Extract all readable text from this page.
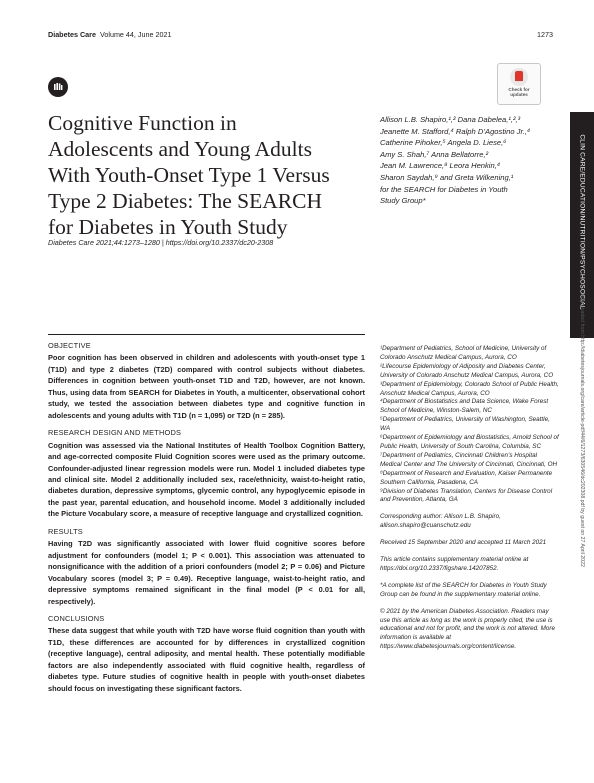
Diabetes Care Volume 44, June 2021	1273
Check for
updates
Cognitive Function in
Adolescents and Young Adults
With Youth-Onset Type 1 Versus
Type 2 Diabetes: The SEARCH
for Diabetes in Youth Study
Diabetes Care 2021;44:1273–1280 | https://doi.org/10.2337/dc20-2308
Allison L.B. Shapiro,¹,² Dana Dabelea,¹,²,³
Jeanette M. Stafford,⁴ Ralph D’Agostino Jr.,⁴
Catherine Pihoker,⁵ Angela D. Liese,⁶
Amy S. Shah,⁷ Anna Bellatorre,²
Jean M. Lawrence,⁸ Leora Henkin,⁴
Sharon Saydah,⁹ and Greta Wilkening,¹
for the SEARCH for Diabetes in Youth
Study Group*	CLIN CARE/EDUCATION/NUTRITION/PSYCHOSOCIAL
Downloaded from http://diabetesjournals.org/care/article-pdf/44/6/1273/630546/dc202308.pdf by guest on 27 April 2022
OBJECTIVE

Poor cognition has been observed in children and adolescents with youth-onset type 1 (T1D) and type 2 diabetes (T2D) compared with control subjects without diabetes. Differences in cognition between youth-onset T1D and T2D, however, are not known. Thus, using data from SEARCH for Diabetes in Youth, a multicenter, observational cohort study, we tested the association between diabetes type and cognitive function in adolescents and young adults with T1D (n = 1,095) or T2D (n = 285).

RESEARCH DESIGN AND METHODS

Cognition was assessed via the National Institutes of Health Toolbox Cognition Battery, and age-corrected composite Fluid Cognition scores were used as the primary outcome. Confounder-adjusted linear regression models were run. Model 1 included diabetes type and clinical site. Model 2 additionally included sex, race/ethnicity, waist-to-height ratio, diabetes duration, depressive symptoms, glycemic control, any hypoglycemic episode in the past year, parental education, and household income. Model 3 additionally included the Picture Vocabulary score, a measure of receptive language and crystallized cognition.

RESULTS

Having T2D was significantly associated with lower fluid cognitive scores before adjustment for confounders (model 1; P < 0.001). This association was attenuated to nonsignificance with the addition of a priori confounders (model 2; P = 0.06) and Picture Vocabulary scores (model 3; P = 0.49). Receptive language, waist-to-height ratio, and depressive symptoms remained significant in the final model (P < 0.01 for all, respectively).

CONCLUSIONS

These data suggest that while youth with T2D have worse fluid cognition than youth with T1D, these differences are accounted for by differences in crystallized cognition (receptive language), central adiposity, and mental health. These potentially modifiable factors are also independently associated with fluid cognitive health, regardless of diabetes type. Future studies of cognitive health in people with youth-onset diabetes should focus on investigating these significant factors.

¹Department of Pediatrics, School of Medicine, University of Colorado Anschutz Medical Campus, Aurora, CO

²Lifecourse Epidemiology of Adiposity and Diabetes Center, University of Colorado Anschutz Medical Campus, Aurora, CO

³Department of Epidemiology, Colorado School of Public Health, Anschutz Medical Campus, Aurora, CO

⁴Department of Biostatistics and Data Science, Wake Forest School of Medicine, Winston-Salem, NC

⁵Department of Pediatrics, University of Washington, Seattle, WA

⁶Department of Epidemiology and Biostatistics, Arnold School of Public Health, University of South Carolina, Columbia, SC

⁷Department of Pediatrics, Cincinnati Children’s Hospital Medical Center and The University of Cincinnati, Cincinnati, OH

⁸Department of Research and Evaluation, Kaiser Permanente Southern California, Pasadena, CA

⁹Division of Diabetes Translation, Centers for Disease Control and Prevention, Atlanta, GA

Corresponding author: Allison L.B. Shapiro, allison.shapiro@cuanschutz.edu

Received 15 September 2020 and accepted 11 March 2021

This article contains supplementary material online at https://doi.org/10.2337/figshare.14207852.

*A complete list of the SEARCH for Diabetes in Youth Study Group can be found in the supplementary material online.

© 2021 by the American Diabetes Association. Readers may use this article as long as the work is properly cited, the use is educational and not for profit, and the work is not altered. More information is available at https://www.diabetesjournals.org/content/license.
